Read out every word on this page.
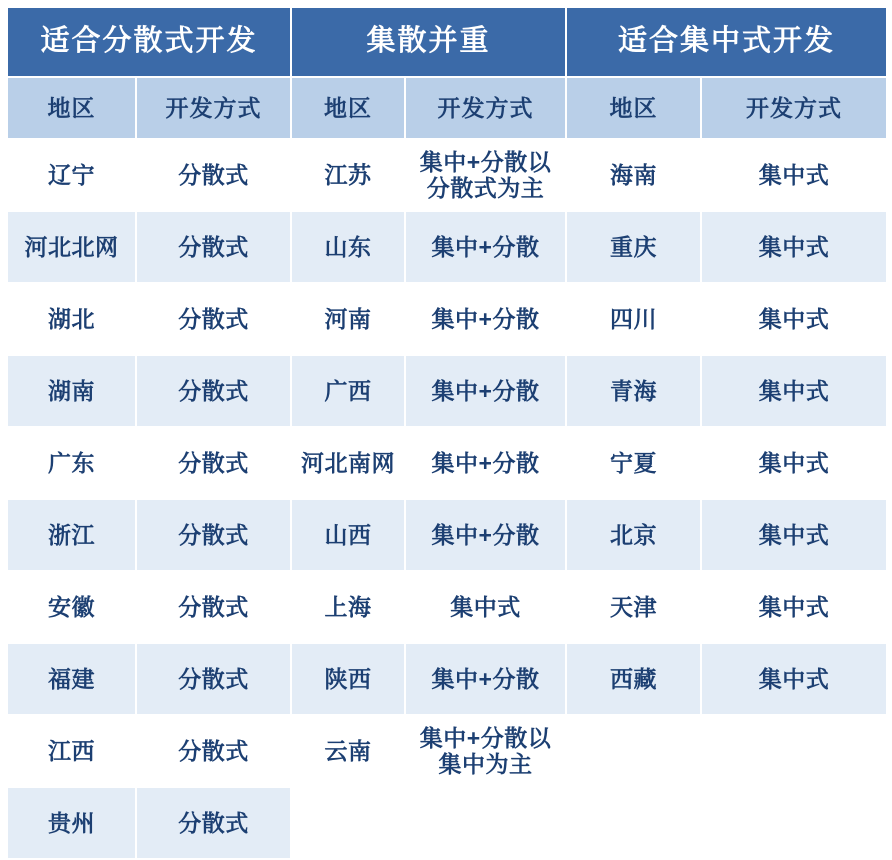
适合分散式开发		集散并重		适合集中式开发	
地区	开发方式	地区	开发方式	地区	开发方式
辽宁	分散式	江苏	集中+分散以分散式为主	海南	集中式
河北北网	分散式	山东	集中+分散	重庆	集中式
湖北	分散式	河南	集中+分散	四川	集中式
湖南	分散式	广西	集中+分散	青海	集中式
广东	分散式	河北南网	集中+分散	宁夏	集中式
浙江	分散式	山西	集中+分散	北京	集中式
安徽	分散式	上海	集中式	天津	集中式
福建	分散式	陕西	集中+分散	西藏	集中式
江西	分散式	云南	集中+分散以集中为主		
贵州	分散式				
